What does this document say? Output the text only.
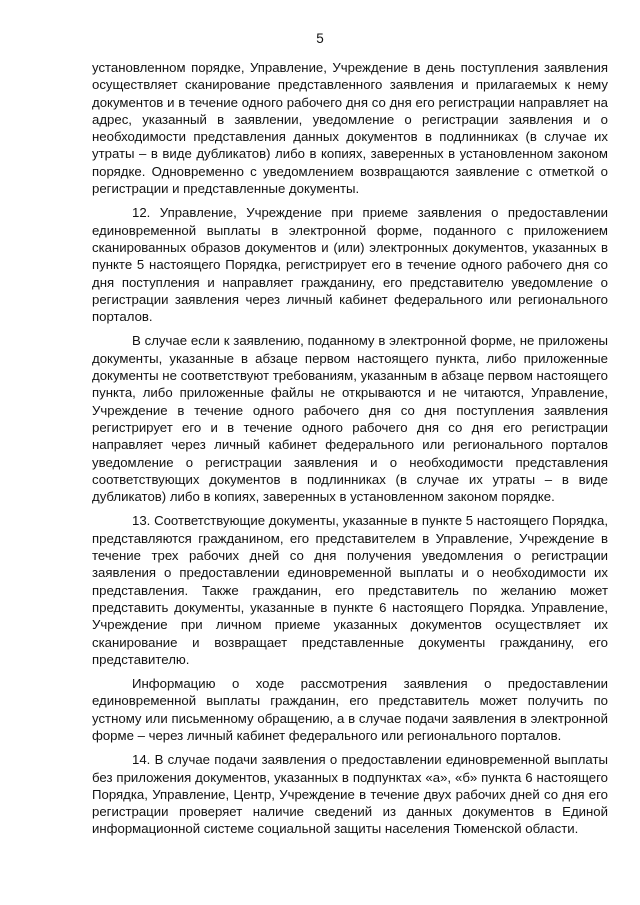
5

установленном порядке, Управление, Учреждение в день поступления заявления осуществляет сканирование представленного заявления и прилагаемых к нему документов и в течение одного рабочего дня со дня его регистрации направляет на адрес, указанный в заявлении, уведомление о регистрации заявления и о необходимости представления данных документов в подлинниках (в случае их утраты – в виде дубликатов) либо в копиях, заверенных в установленном законом порядке. Одновременно с уведомлением возвращаются заявление с отметкой о регистрации и представленные документы.

12. Управление, Учреждение при приеме заявления о предоставлении единовременной выплаты в электронной форме, поданного с приложением сканированных образов документов и (или) электронных документов, указанных в пункте 5 настоящего Порядка, регистрирует его в течение одного рабочего дня со дня поступления и направляет гражданину, его представителю уведомление о регистрации заявления через личный кабинет федерального или регионального порталов.

В случае если к заявлению, поданному в электронной форме, не приложены документы, указанные в абзаце первом настоящего пункта, либо приложенные документы не соответствуют требованиям, указанным в абзаце первом настоящего пункта, либо приложенные файлы не открываются и не читаются, Управление, Учреждение в течение одного рабочего дня со дня поступления заявления регистрирует его и в течение одного рабочего дня со дня его регистрации направляет через личный кабинет федерального или регионального порталов уведомление о регистрации заявления и о необходимости представления соответствующих документов в подлинниках (в случае их утраты – в виде дубликатов) либо в копиях, заверенных в установленном законом порядке.

13. Соответствующие документы, указанные в пункте 5 настоящего Порядка, представляются гражданином, его представителем в Управление, Учреждение в течение трех рабочих дней со дня получения уведомления о регистрации заявления о предоставлении единовременной выплаты и о необходимости их представления. Также гражданин, его представитель по желанию может представить документы, указанные в пункте 6 настоящего Порядка. Управление, Учреждение при личном приеме указанных документов осуществляет их сканирование и возвращает представленные документы гражданину, его представителю.

Информацию о ходе рассмотрения заявления о предоставлении единовременной выплаты гражданин, его представитель может получить по устному или письменному обращению, а в случае подачи заявления в электронной форме – через личный кабинет федерального или регионального порталов.

14. В случае подачи заявления о предоставлении единовременной выплаты без приложения документов, указанных в подпунктах «а», «б» пункта 6 настоящего Порядка, Управление, Центр, Учреждение в течение двух рабочих дней со дня его регистрации проверяет наличие сведений из данных документов в Единой информационной системе социальной защиты населения Тюменской области.
